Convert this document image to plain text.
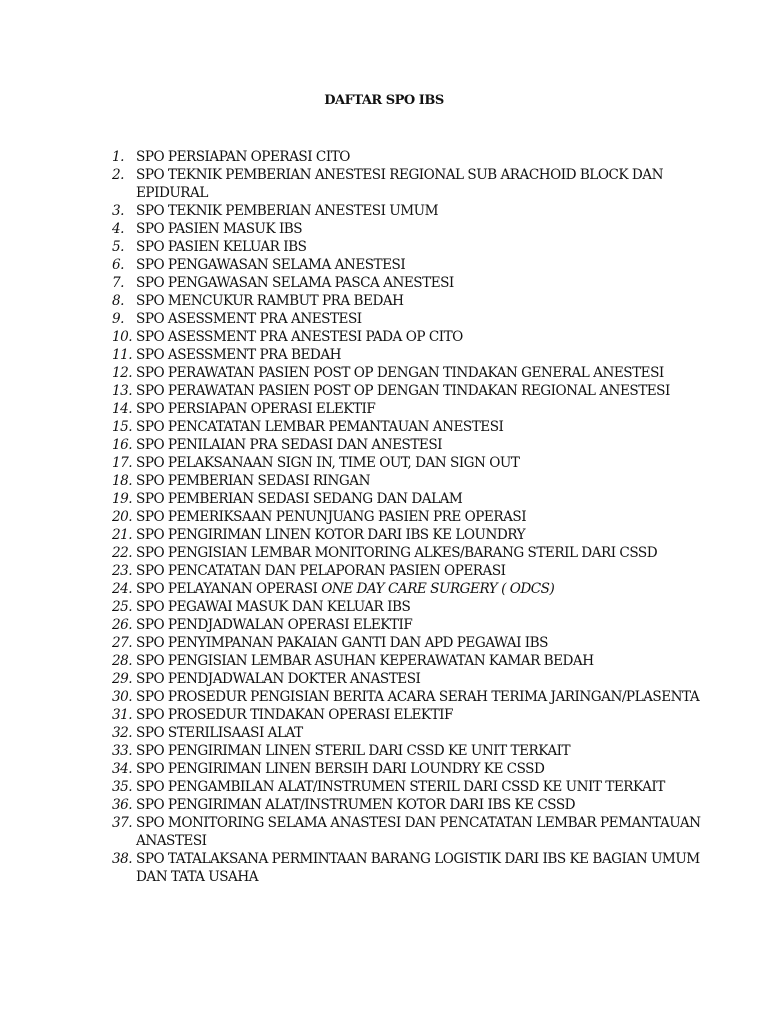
DAFTAR SPO IBS
1. SPO PERSIAPAN OPERASI CITO
2. SPO TEKNIK PEMBERIAN ANESTESI REGIONAL SUB ARACHOID BLOCK DAN EPIDURAL
3. SPO TEKNIK PEMBERIAN ANESTESI UMUM
4. SPO PASIEN MASUK IBS
5. SPO PASIEN KELUAR IBS
6. SPO PENGAWASAN SELAMA ANESTESI
7. SPO PENGAWASAN SELAMA PASCA ANESTESI
8. SPO MENCUKUR RAMBUT PRA BEDAH
9. SPO ASESSMENT PRA ANESTESI
10. SPO ASESSMENT PRA ANESTESI PADA OP CITO
11. SPO ASESSMENT PRA BEDAH
12. SPO PERAWATAN PASIEN POST OP DENGAN TINDAKAN GENERAL ANESTESI
13. SPO PERAWATAN PASIEN POST OP DENGAN TINDAKAN REGIONAL ANESTESI
14. SPO PERSIAPAN OPERASI ELEKTIF
15. SPO PENCATATAN LEMBAR PEMANTAUAN ANESTESI
16. SPO PENILAIAN PRA SEDASI DAN ANESTESI
17. SPO PELAKSANAAN SIGN IN, TIME OUT, DAN SIGN OUT
18. SPO PEMBERIAN SEDASI RINGAN
19. SPO PEMBERIAN SEDASI SEDANG DAN DALAM
20. SPO PEMERIKSAAN PENUNJUANG PASIEN PRE OPERASI
21. SPO PENGIRIMAN LINEN KOTOR DARI IBS KE LOUNDRY
22. SPO PENGISIAN LEMBAR MONITORING ALKES/BARANG STERIL DARI CSSD
23. SPO PENCATATAN DAN PELAPORAN PASIEN OPERASI
24. SPO PELAYANAN OPERASI ONE DAY CARE SURGERY ( ODCS)
25. SPO PEGAWAI MASUK DAN KELUAR IBS
26. SPO PENDJADWALAN OPERASI ELEKTIF
27. SPO PENYIMPANAN PAKAIAN GANTI DAN APD PEGAWAI IBS
28. SPO PENGISIAN LEMBAR ASUHAN KEPERAWATAN KAMAR BEDAH
29. SPO PENDJADWALAN DOKTER ANASTESI
30. SPO PROSEDUR PENGISIAN BERITA ACARA SERAH TERIMA JARINGAN/PLASENTA
31. SPO PROSEDUR TINDAKAN OPERASI ELEKTIF
32. SPO STERILISAASI ALAT
33. SPO PENGIRIMAN LINEN STERIL DARI CSSD KE UNIT TERKAIT
34. SPO PENGIRIMAN LINEN BERSIH DARI LOUNDRY KE CSSD
35. SPO PENGAMBILAN ALAT/INSTRUMEN STERIL DARI CSSD KE UNIT TERKAIT
36. SPO PENGIRIMAN ALAT/INSTRUMEN KOTOR DARI IBS KE CSSD
37. SPO MONITORING SELAMA ANASTESI DAN PENCATATAN LEMBAR PEMANTAUAN ANASTESI
38. SPO TATALAKSANA PERMINTAAN BARANG LOGISTIK DARI IBS KE BAGIAN UMUM DAN TATA USAHA
